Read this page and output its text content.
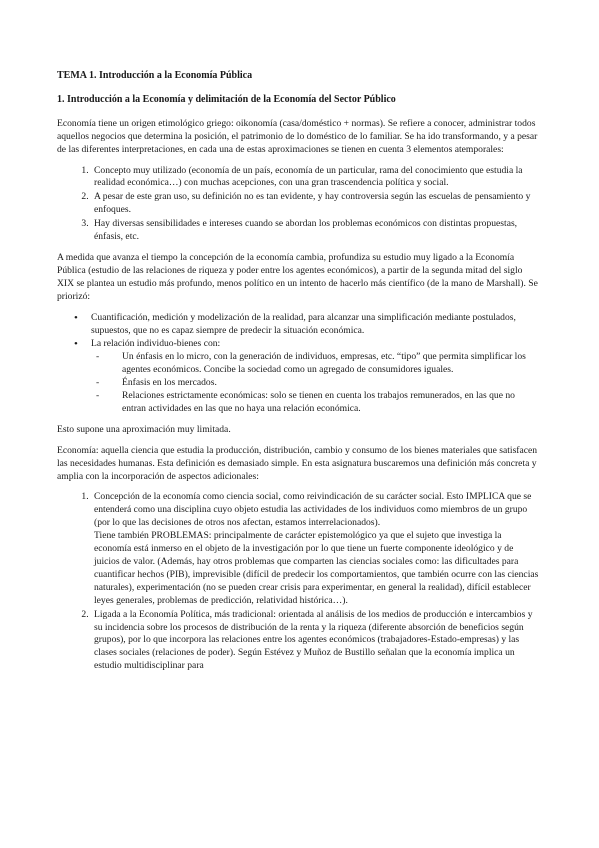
TEMA 1. Introducción a la Economía Pública
1. Introducción a la Economía y delimitación de la Economía del Sector Público

Economía tiene un origen etimológico griego: oikonomía (casa/doméstico + normas). Se refiere a conocer, administrar todos aquellos negocios que determina la posición, el patrimonio de lo doméstico de lo familiar. Se ha ido transformando, y a pesar de las diferentes interpretaciones, en cada una de estas aproximaciones se tienen en cuenta 3 elementos atemporales:

1. Concepto muy utilizado (economía de un país, economía de un particular, rama del conocimiento que estudia la realidad económica…) con muchas acepciones, con una gran trascendencia política y social.
2. A pesar de este gran uso, su definición no es tan evidente, y hay controversia según las escuelas de pensamiento y enfoques.
3. Hay diversas sensibilidades e intereses cuando se abordan los problemas económicos con distintas propuestas, énfasis, etc.

A medida que avanza el tiempo la concepción de la economía cambia, profundiza su estudio muy ligado a la Economía Pública (estudio de las relaciones de riqueza y poder entre los agentes económicos), a partir de la segunda mitad del siglo XIX se plantea un estudio más profundo, menos político en un intento de hacerlo más científico (de la mano de Marshall). Se priorizó:

• Cuantificación, medición y modelización de la realidad, para alcanzar una simplificación mediante postulados, supuestos, que no es capaz siempre de predecir la situación económica.
• La relación individuo-bienes con:
- Un énfasis en lo micro, con la generación de individuos, empresas, etc. “tipo” que permita simplificar los agentes económicos. Concibe la sociedad como un agregado de consumidores iguales.
- Énfasis en los mercados.
- Relaciones estrictamente económicas: solo se tienen en cuenta los trabajos remunerados, en las que no entran actividades en las que no haya una relación económica.

Esto supone una aproximación muy limitada.

Economía: aquella ciencia que estudia la producción, distribución, cambio y consumo de los bienes materiales que satisfacen las necesidades humanas. Esta definición es demasiado simple. En esta asignatura buscaremos una definición más concreta y amplia con la incorporación de aspectos adicionales:

1. Concepción de la economía como ciencia social, como reivindicación de su carácter social. Esto IMPLICA que se entenderá como una disciplina cuyo objeto estudia las actividades de los individuos como miembros de un grupo (por lo que las decisiones de otros nos afectan, estamos interrelacionados).
Tiene también PROBLEMAS: principalmente de carácter epistemológico ya que el sujeto que investiga la economía está inmerso en el objeto de la investigación por lo que tiene un fuerte componente ideológico y de juicios de valor. (Además, hay otros problemas que comparten las ciencias sociales como: las dificultades para cuantificar hechos (PIB), imprevisible (difícil de predecir los comportamientos, que también ocurre con las ciencias naturales), experimentación (no se pueden crear crisis para experimentar, en general la realidad), difícil establecer leyes generales, problemas de predicción, relatividad histórica…).
2. Ligada a la Economía Política, más tradicional: orientada al análisis de los medios de producción e intercambios y su incidencia sobre los procesos de distribución de la renta y la riqueza (diferente absorción de beneficios según grupos), por lo que incorpora las relaciones entre los agentes económicos (trabajadores-Estado-empresas) y las clases sociales (relaciones de poder). Según Estévez y Muñoz de Bustillo señalan que la economía implica un estudio multidisciplinar para
